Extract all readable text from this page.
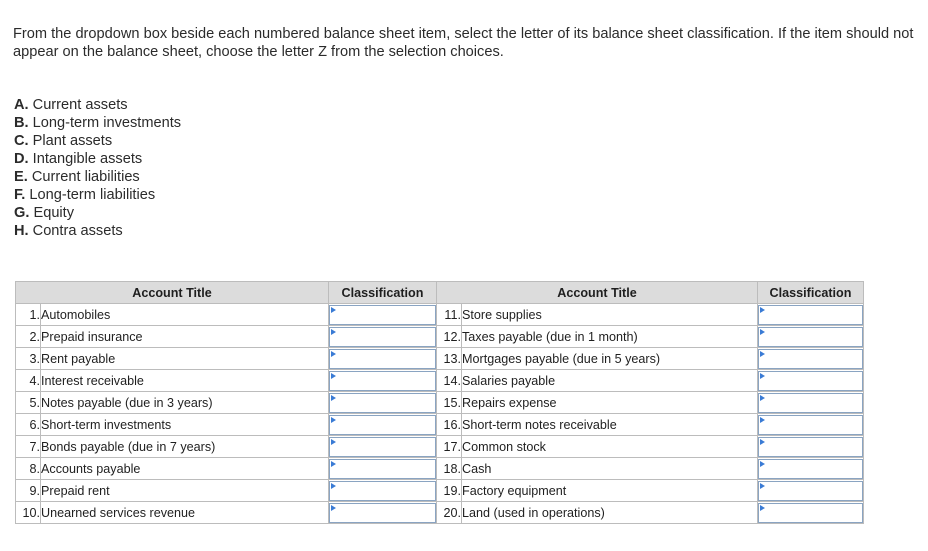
From the dropdown box beside each numbered balance sheet item, select the letter of its balance sheet classification. If the item should not appear on the balance sheet, choose the letter Z from the selection choices.

A. Current assets
B. Long-term investments
C. Plant assets
D. Intangible assets
E. Current liabilities
F. Long-term liabilities
G. Equity
H. Contra assets
Account Title		Classification	Account Title		Classification
1.	Automobiles		11.	Store supplies	

2.	Prepaid insurance		12.	Taxes payable (due in 1 month)	

3.	Rent payable		13.	Mortgages payable (due in 5 years)	

4.	Interest receivable		14.	Salaries payable	

5.	Notes payable (due in 3 years)		15.	Repairs expense	

6.	Short-term investments		16.	Short-term notes receivable	

7.	Bonds payable (due in 7 years)		17.	Common stock	

8.	Accounts payable		18.	Cash	

9.	Prepaid rent		19.	Factory equipment	

10.	Unearned services revenue		20.	Land (used in operations)	
